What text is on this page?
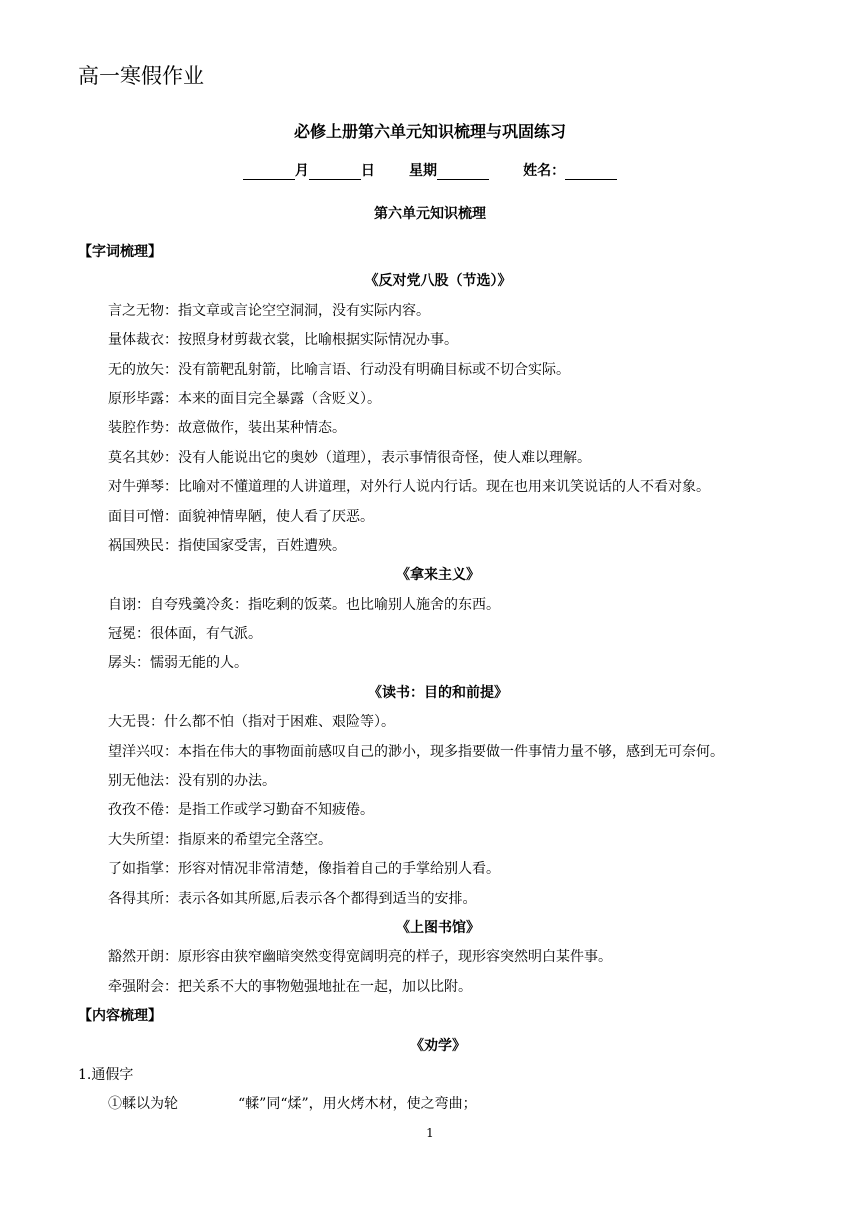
高一寒假作业
必修上册第六单元知识梳理与巩固练习
月	日 星期	姓名：
第六单元知识梳理
【字词梳理】
《反对党八股（节选）》
言之无物：指文章或言论空空洞洞，没有实际内容。
量体裁衣：按照身材剪裁衣裳，比喻根据实际情况办事。
无的放矢：没有箭靶乱射箭，比喻言语、行动没有明确目标或不切合实际。
原形毕露：本来的面目完全暴露（含贬义）。
装腔作势：故意做作，装出某种情态。
莫名其妙：没有人能说出它的奥妙（道理），表示事情很奇怪，使人难以理解。
对牛弹琴：比喻对不懂道理的人讲道理，对外行人说内行话。现在也用来讥笑说话的人不看对象。
面目可憎：面貌神情卑陋，使人看了厌恶。
祸国殃民：指使国家受害，百姓遭殃。
《拿来主义》
自诩：自夸残羹冷炙：指吃剩的饭菜。也比喻别人施舍的东西。
冠冕：很体面，有气派。
孱头：懦弱无能的人。
《读书：目的和前提》
大无畏：什么都不怕（指对于困难、艰险等）。
望洋兴叹：本指在伟大的事物面前感叹自己的渺小，现多指要做一件事情力量不够，感到无可奈何。
别无他法：没有别的办法。
孜孜不倦：是指工作或学习勤奋不知疲倦。
大失所望：指原来的希望完全落空。
了如指掌：形容对情况非常清楚，像指着自己的手掌给别人看。
各得其所：表示各如其所愿,后表示各个都得到适当的安排。
《上图书馆》
豁然开朗：原形容由狭窄幽暗突然变得宽阔明亮的样子，现形容突然明白某件事。
牵强附会：把关系不大的事物勉强地扯在一起，加以比附。
【内容梳理】
《劝学》
1.通假字
①輮以为轮	“輮”同“煣”，用火烤木材，使之弯曲；
1
